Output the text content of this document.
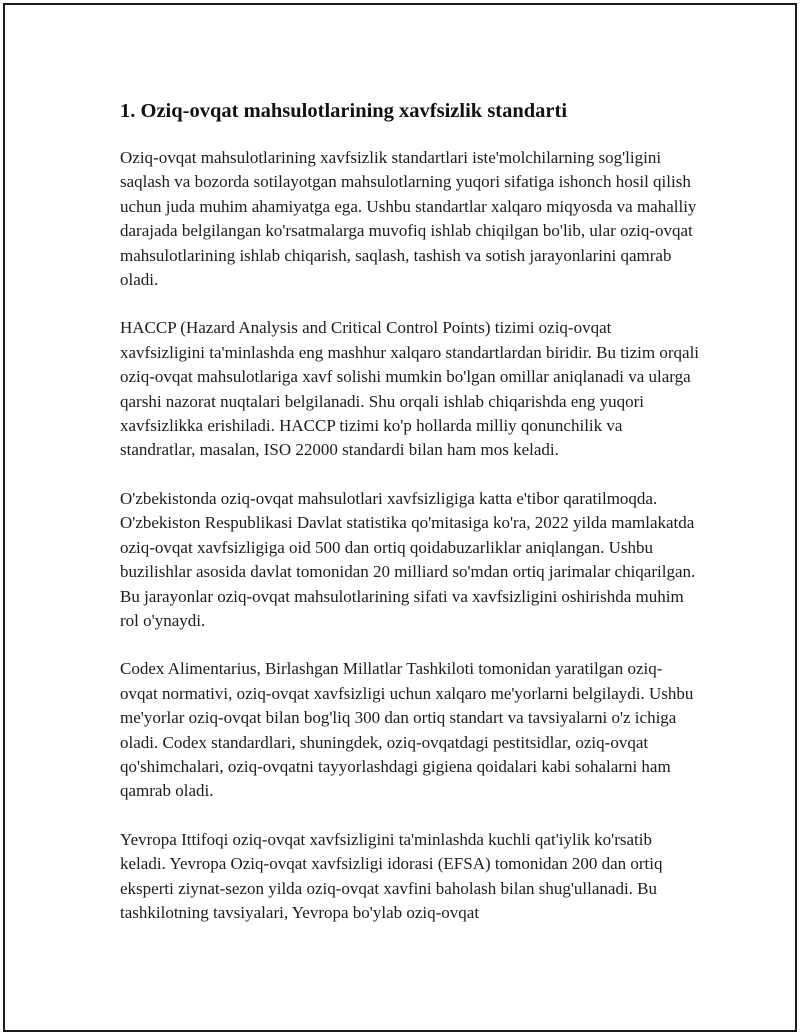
1. Oziq-ovqat mahsulotlarining xavfsizlik standarti

Oziq-ovqat mahsulotlarining xavfsizlik standartlari iste'molchilarning sog'ligini saqlash va bozorda sotilayotgan mahsulotlarning yuqori sifatiga ishonch hosil qilish uchun juda muhim ahamiyatga ega. Ushbu standartlar xalqaro miqyosda va mahalliy darajada belgilangan ko'rsatmalarga muvofiq ishlab chiqilgan bo'lib, ular oziq-ovqat mahsulotlarining ishlab chiqarish, saqlash, tashish va sotish jarayonlarini qamrab oladi.

HACCP (Hazard Analysis and Critical Control Points) tizimi oziq-ovqat xavfsizligini ta'minlashda eng mashhur xalqaro standartlardan biridir. Bu tizim orqali oziq-ovqat mahsulotlariga xavf solishi mumkin bo'lgan omillar aniqlanadi va ularga qarshi nazorat nuqtalari belgilanadi. Shu orqali ishlab chiqarishda eng yuqori xavfsizlikka erishiladi. HACCP tizimi ko'p hollarda milliy qonunchilik va standratlar, masalan, ISO 22000 standardi bilan ham mos keladi.

O'zbekistonda oziq-ovqat mahsulotlari xavfsizligiga katta e'tibor qaratilmoqda. O'zbekiston Respublikasi Davlat statistika qo'mitasiga ko'ra, 2022 yilda mamlakatda oziq-ovqat xavfsizligiga oid 500 dan ortiq qoidabuzarliklar aniqlangan. Ushbu buzilishlar asosida davlat tomonidan 20 milliard so'mdan ortiq jarimalar chiqarilgan. Bu jarayonlar oziq-ovqat mahsulotlarining sifati va xavfsizligini oshirishda muhim rol o'ynaydi.

Codex Alimentarius, Birlashgan Millatlar Tashkiloti tomonidan yaratilgan oziq-ovqat normativi, oziq-ovqat xavfsizligi uchun xalqaro me'yorlarni belgilaydi. Ushbu me'yorlar oziq-ovqat bilan bog'liq 300 dan ortiq standart va tavsiyalarni o'z ichiga oladi. Codex standardlari, shuningdek, oziq-ovqatdagi pestitsidlar, oziq-ovqat qo'shimchalari, oziq-ovqatni tayyorlashdagi gigiena qoidalari kabi sohalarni ham qamrab oladi.

Yevropa Ittifoqi oziq-ovqat xavfsizligini ta'minlashda kuchli qat'iylik ko'rsatib keladi. Yevropa Oziq-ovqat xavfsizligi idorasi (EFSA) tomonidan 200 dan ortiq eksperti ziynat-sezon yilda oziq-ovqat xavfini baholash bilan shug'ullanadi. Bu tashkilotning tavsiyalari, Yevropa bo'ylab oziq-ovqat
